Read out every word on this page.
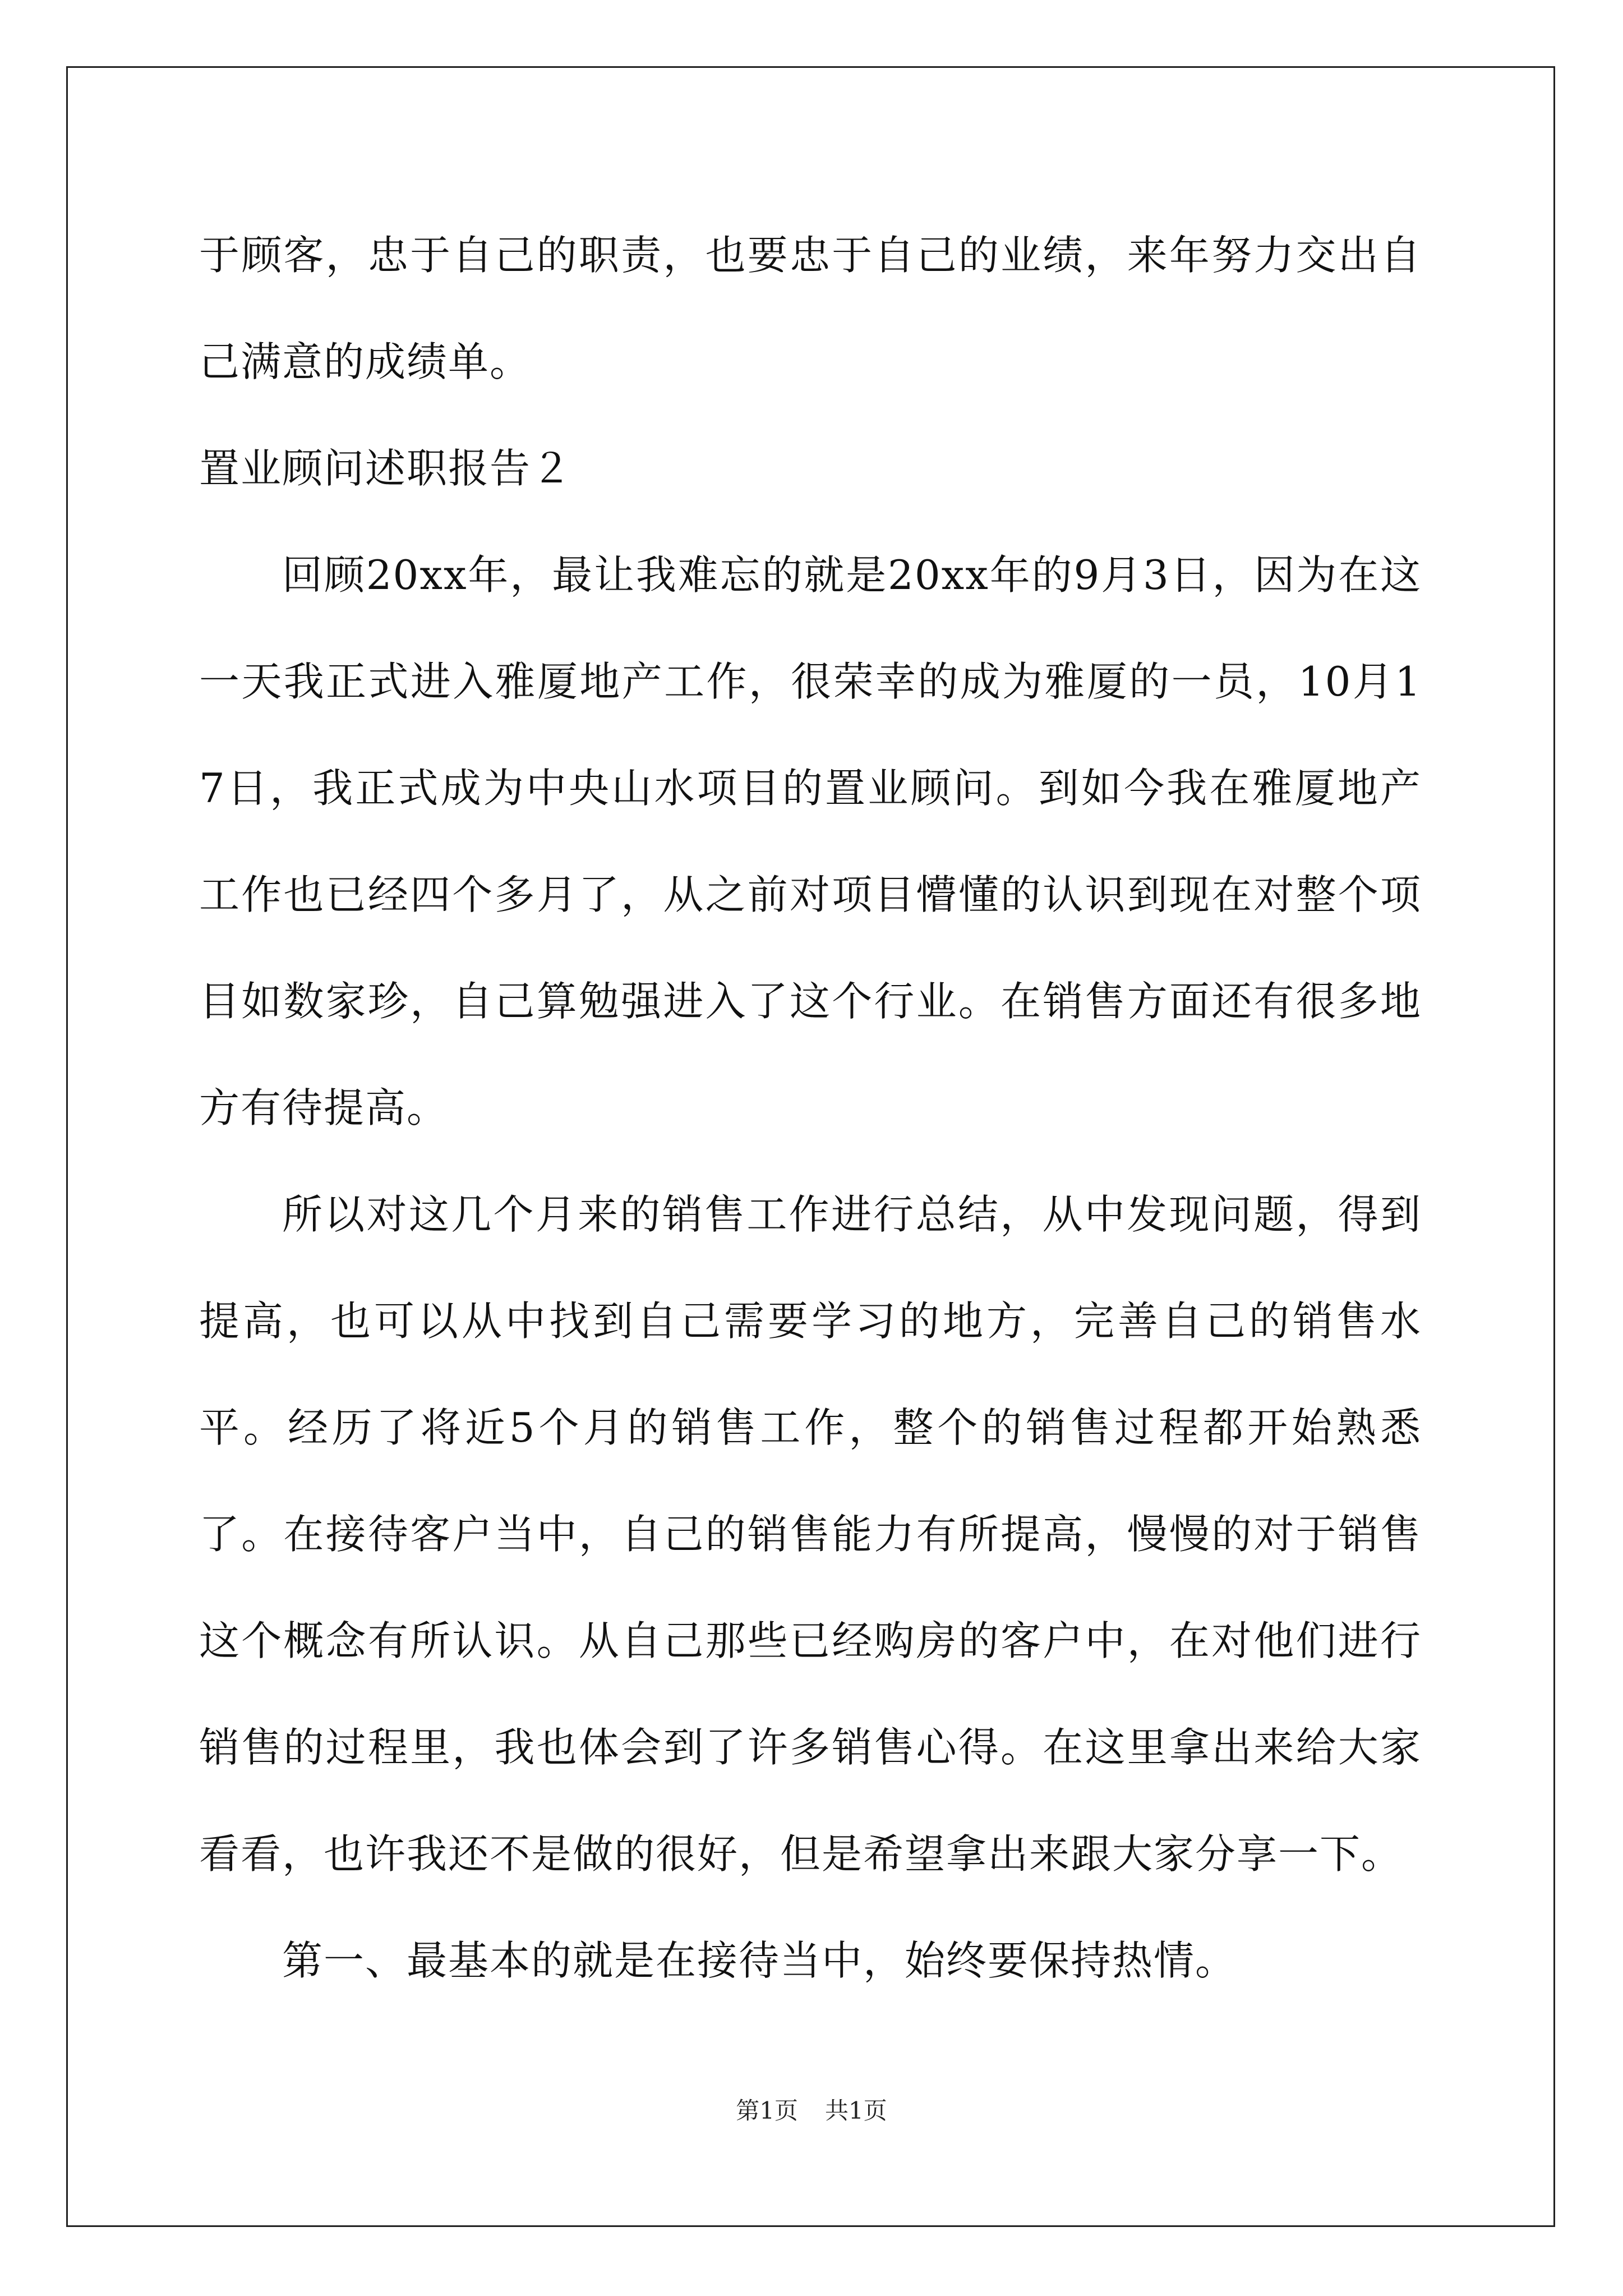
于顾客，忠于自己的职责，也要忠于自己的业绩，来年努力交出自己满意的成绩单。

置业顾问述职报告２

回顾20xx年，最让我难忘的就是20xx年的9月3日，因为在这一天我正式进入雅厦地产工作，很荣幸的成为雅厦的一员，10月17日，我正式成为中央山水项目的置业顾问。到如今我在雅厦地产工作也已经四个多月了，从之前对项目懵懂的认识到现在对整个项目如数家珍，自己算勉强进入了这个行业。在销售方面还有很多地方有待提高。

所以对这几个月来的销售工作进行总结，从中发现问题，得到提高，也可以从中找到自己需要学习的地方，完善自己的销售水平。经历了将近5个月的销售工作，整个的销售过程都开始熟悉了。在接待客户当中，自己的销售能力有所提高，慢慢的对于销售这个概念有所认识。从自己那些已经购房的客户中，在对他们进行销售的过程里，我也体会到了许多销售心得。在这里拿出来给大家看看，也许我还不是做的很好，但是希望拿出来跟大家分享一下。

第一、最基本的就是在接待当中，始终要保持热情。

第1页 共1页
